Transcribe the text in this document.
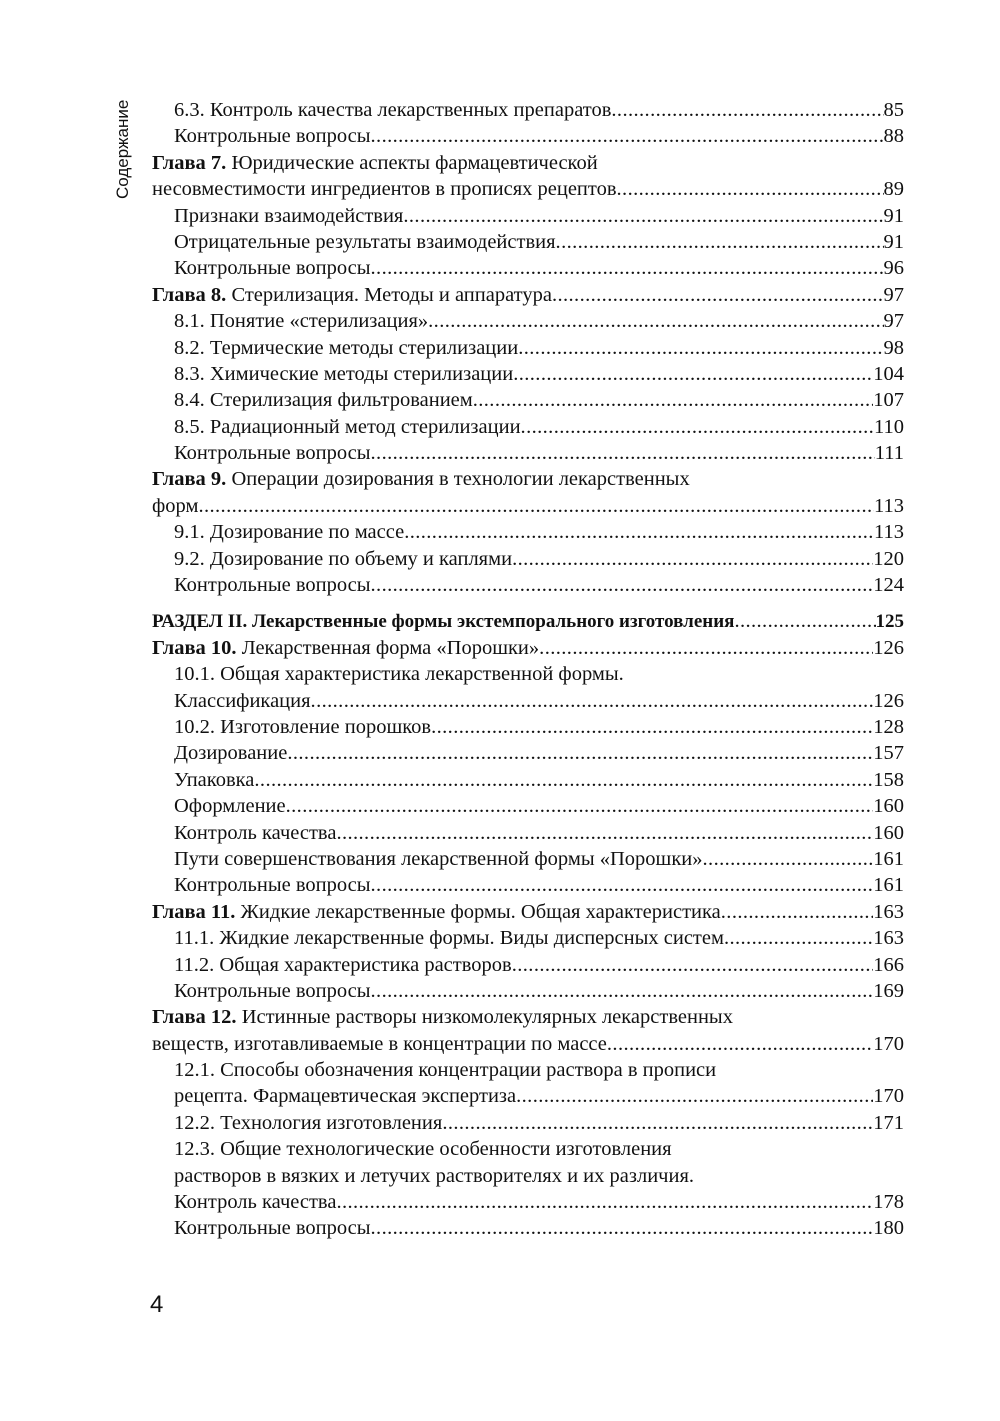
Содержание 6.3. Контроль качества лекарственных препаратов .....	85
Контрольные вопросы .....	88
Глава 7. Юридические аспекты фармацевтической
несовместимости ингредиентов в прописях рецептов .....	89
Признаки взаимодействия .....	91
Отрицательные результаты взаимодействия .....	91
Контрольные вопросы .....	96
Глава 8. Стерилизация. Методы и аппаратура .....	97
8.1. Понятие «стерилизация» .....	97
8.2. Термические методы стерилизации .....	98
8.3. Химические методы стерилизации .....	104
8.4. Стерилизация фильтрованием .....	107
8.5. Радиационный метод стерилизации .....	110
Контрольные вопросы .....	111
Глава 9. Операции дозирования в технологии лекарственных
форм .....	113
9.1. Дозирование по массе .....	113
9.2. Дозирование по объему и каплями .....	120
Контрольные вопросы .....	124
РАЗДЕЛ II. Лекарственные формы экстемпорального изготовления .....	125
Глава 10. Лекарственная форма «Порошки» .....	126
10.1. Общая характеристика лекарственной формы.
Классификация .....	126
10.2. Изготовление порошков .....	128
Дозирование .....	157
Упаковка .....	158
Оформление .....	160
Контроль качества .....	160
Пути совершенствования лекарственной формы «Порошки» .....	161
Контрольные вопросы .....	161
Глава 11. Жидкие лекарственные формы. Общая характеристика .....	163
11.1. Жидкие лекарственные формы. Виды дисперсных систем .....	163
11.2. Общая характеристика растворов .....	166
Контрольные вопросы .....	169
Глава 12. Истинные растворы низкомолекулярных лекарственных
веществ, изготавливаемые в концентрации по массе .....	170
12.1. Способы обозначения концентрации раствора в прописи
рецепта. Фармацевтическая экспертиза .....	170
12.2. Технология изготовления .....	171
12.3. Общие технологические особенности изготовления
растворов в вязких и летучих растворителях и их различия.
Контроль качества .....	178
Контрольные вопросы .....	180
4
